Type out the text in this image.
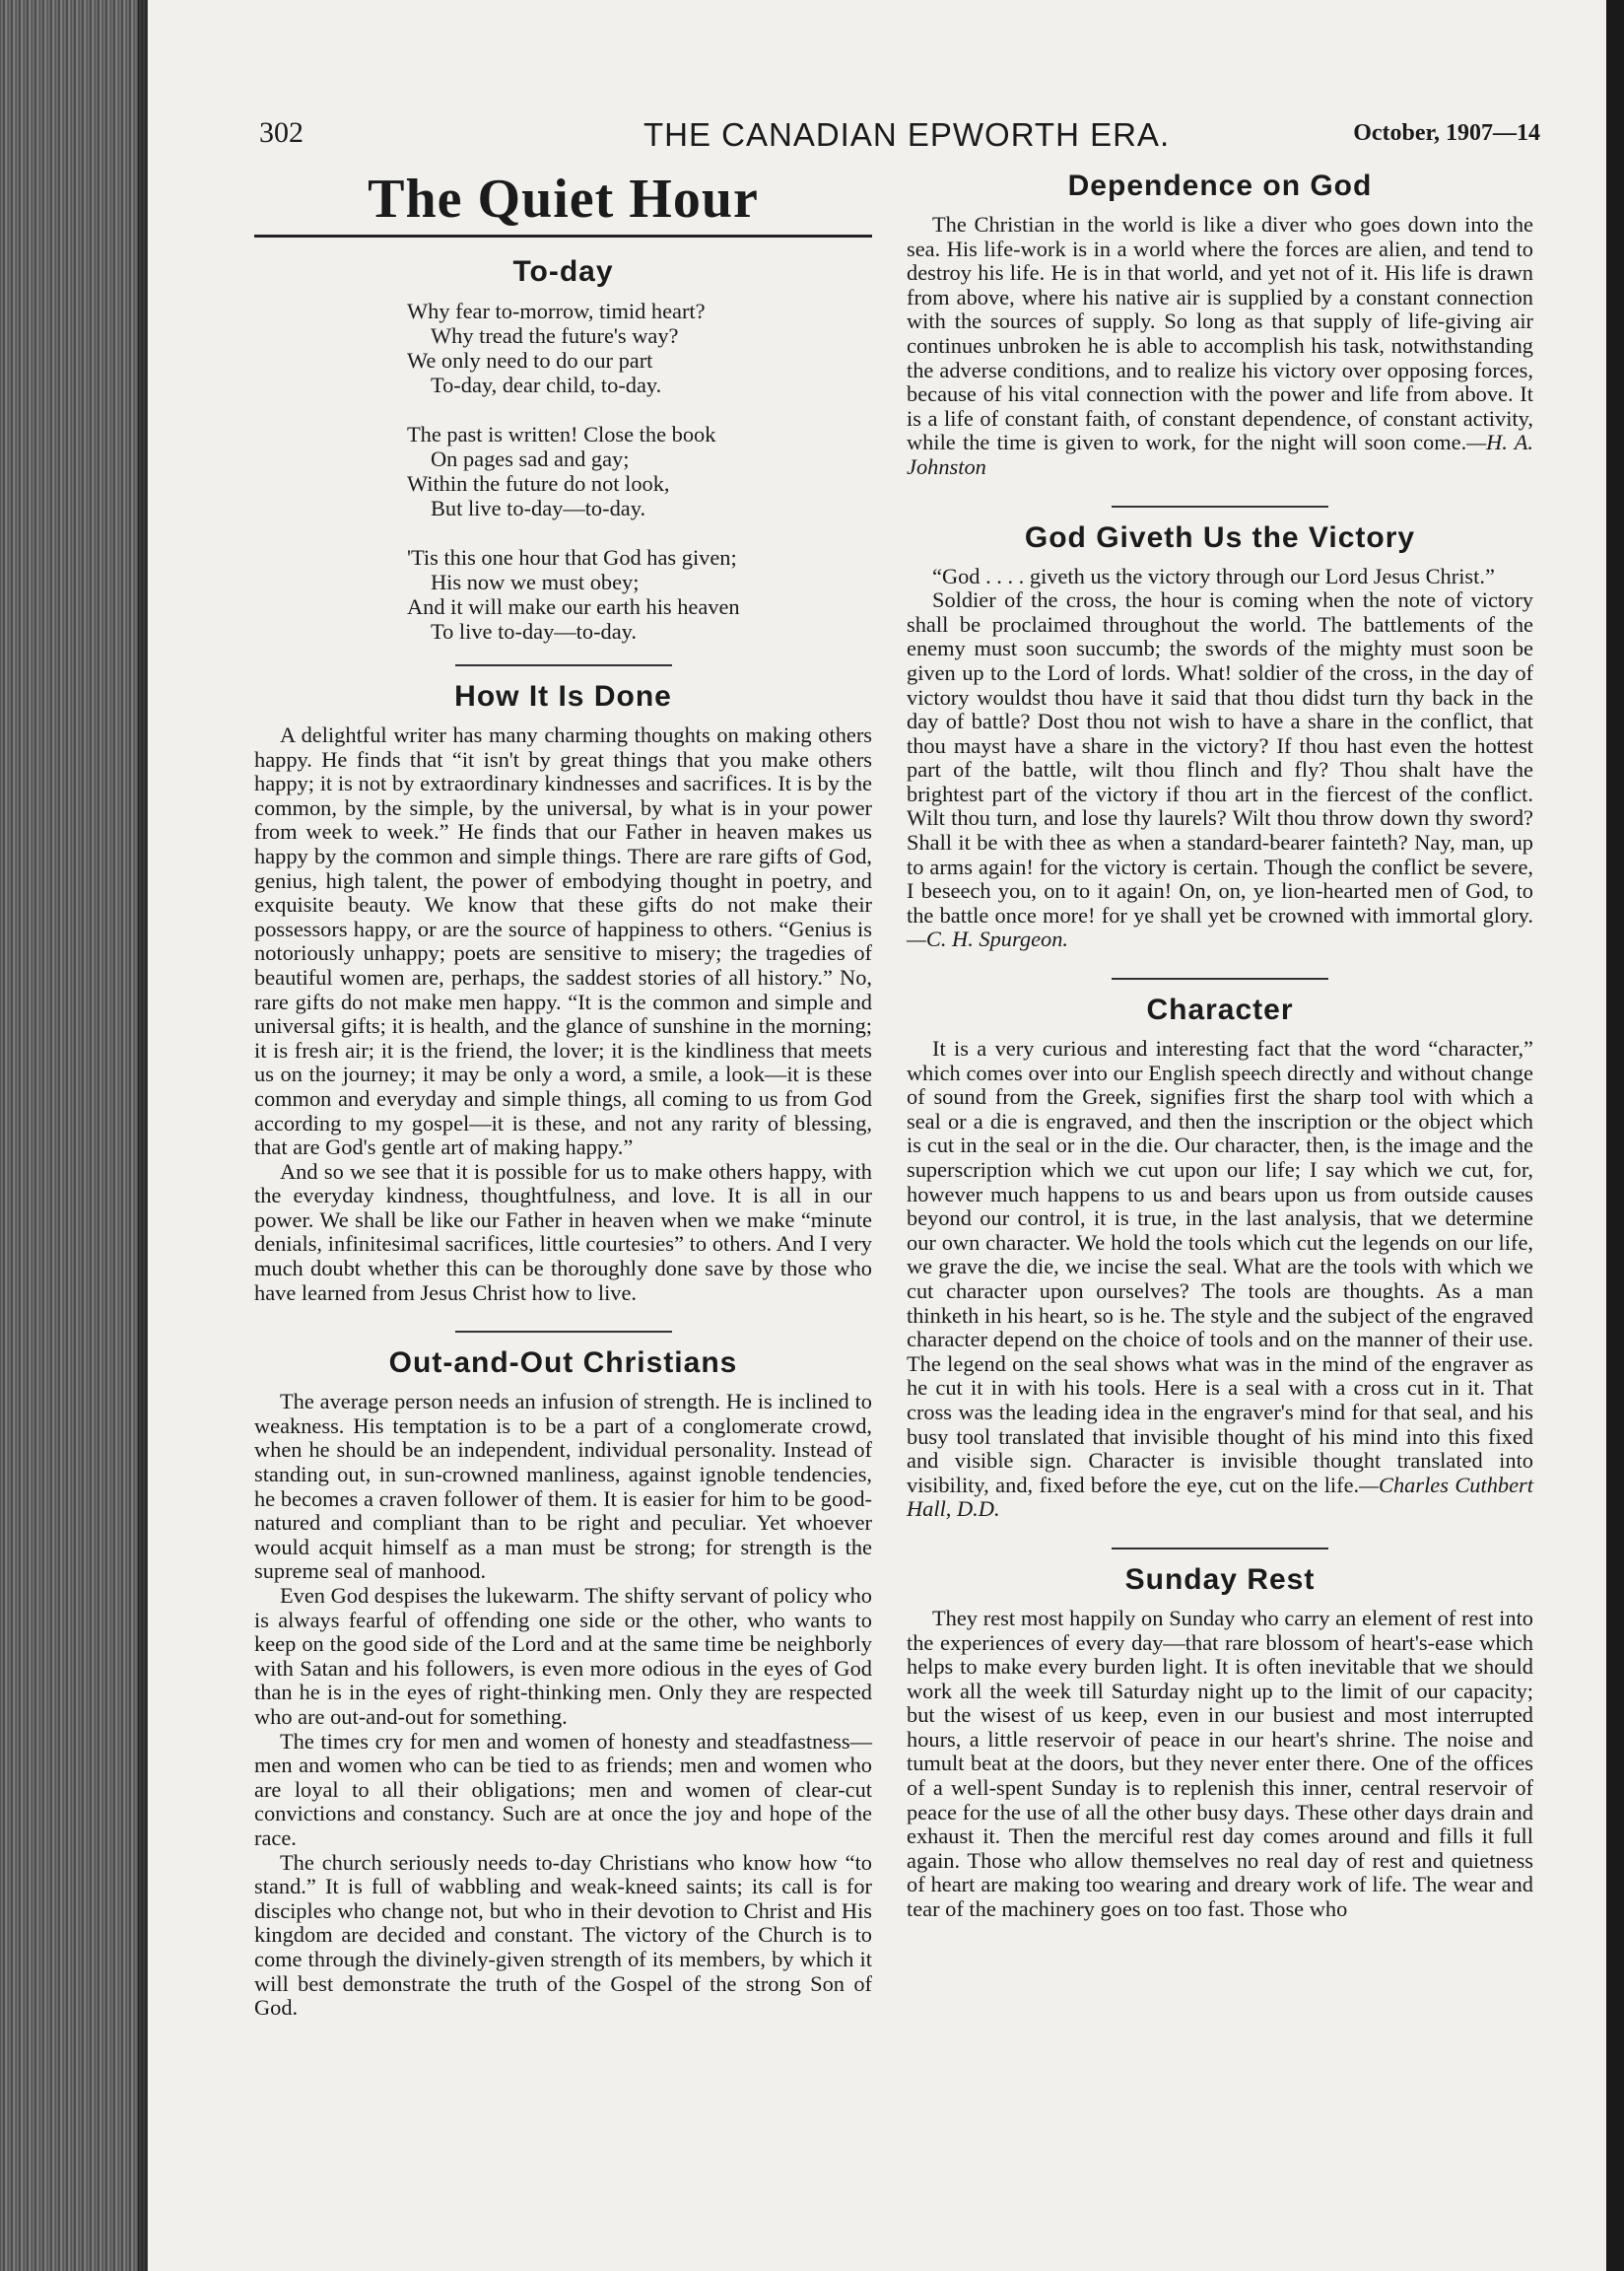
302	THE CANADIAN EPWORTH ERA.	October, 1907—14
The Quiet Hour
To-day
Why fear to-morrow, timid heart?
Why tread the future's way?
We only need to do our part
To-day, dear child, to-day.
The past is written! Close the book
On pages sad and gay;
Within the future do not look,
But live to-day—to-day.
'Tis this one hour that God has given;
His now we must obey;
And it will make our earth his heaven
To live to-day—to-day.
How It Is Done

A delightful writer has many charming thoughts on making others happy. He finds that “it isn't by great things that you make others happy; it is not by extraordinary kindnesses and sacrifices. It is by the common, by the simple, by the universal, by what is in your power from week to week.” He finds that our Father in heaven makes us happy by the common and simple things. There are rare gifts of God, genius, high talent, the power of embodying thought in poetry, and exquisite beauty. We know that these gifts do not make their possessors happy, or are the source of happiness to others. “Genius is notoriously unhappy; poets are sensitive to misery; the tragedies of beautiful women are, perhaps, the saddest stories of all history.” No, rare gifts do not make men happy. “It is the common and simple and universal gifts; it is health, and the glance of sunshine in the morning; it is fresh air; it is the friend, the lover; it is the kindliness that meets us on the journey; it may be only a word, a smile, a look—it is these common and everyday and simple things, all coming to us from God according to my gospel—it is these, and not any rarity of blessing, that are God's gentle art of making happy.”

And so we see that it is possible for us to make others happy, with the everyday kindness, thoughtfulness, and love. It is all in our power. We shall be like our Father in heaven when we make “minute denials, infinitesimal sacrifices, little courtesies” to others. And I very much doubt whether this can be thoroughly done save by those who have learned from Jesus Christ how to live.

Out-and-Out Christians

The average person needs an infusion of strength. He is inclined to weakness. His temptation is to be a part of a conglomerate crowd, when he should be an independent, individual personality. Instead of standing out, in sun-crowned manliness, against ignoble tendencies, he becomes a craven follower of them. It is easier for him to be good-natured and compliant than to be right and peculiar. Yet whoever would acquit himself as a man must be strong; for strength is the supreme seal of manhood.

Even God despises the lukewarm. The shifty servant of policy who is always fearful of offending one side or the other, who wants to keep on the good side of the Lord and at the same time be neighborly with Satan and his followers, is even more odious in the eyes of God than he is in the eyes of right-thinking men. Only they are respected who are out-and-out for something.

The times cry for men and women of honesty and steadfastness—men and women who can be tied to as friends; men and women who are loyal to all their obligations; men and women of clear-cut convictions and constancy. Such are at once the joy and hope of the race.

The church seriously needs to-day Christians who know how “to stand.” It is full of wabbling and weak-kneed saints; its call is for disciples who change not, but who in their devotion to Christ and His kingdom are decided and constant. The victory of the Church is to come through the divinely-given strength of its members, by which it will best demonstrate the truth of the Gospel of the strong Son of God.

Dependence on God

The Christian in the world is like a diver who goes down into the sea. His life-work is in a world where the forces are alien, and tend to destroy his life. He is in that world, and yet not of it. His life is drawn from above, where his native air is supplied by a constant connection with the sources of supply. So long as that supply of life-giving air continues unbroken he is able to accomplish his task, notwithstanding the adverse conditions, and to realize his victory over opposing forces, because of his vital connection with the power and life from above. It is a life of constant faith, of constant dependence, of constant activity, while the time is given to work, for the night will soon come.—H. A. Johnston

God Giveth Us the Victory

“God . . . . giveth us the victory through our Lord Jesus Christ.”

Soldier of the cross, the hour is coming when the note of victory shall be proclaimed throughout the world. The battlements of the enemy must soon succumb; the swords of the mighty must soon be given up to the Lord of lords. What! soldier of the cross, in the day of victory wouldst thou have it said that thou didst turn thy back in the day of battle? Dost thou not wish to have a share in the conflict, that thou mayst have a share in the victory? If thou hast even the hottest part of the battle, wilt thou flinch and fly? Thou shalt have the brightest part of the victory if thou art in the fiercest of the conflict. Wilt thou turn, and lose thy laurels? Wilt thou throw down thy sword? Shall it be with thee as when a standard-bearer fainteth? Nay, man, up to arms again! for the victory is certain. Though the conflict be severe, I beseech you, on to it again! On, on, ye lion-hearted men of God, to the battle once more! for ye shall yet be crowned with immortal glory.—C. H. Spurgeon.

Character

It is a very curious and interesting fact that the word “character,” which comes over into our English speech directly and without change of sound from the Greek, signifies first the sharp tool with which a seal or a die is engraved, and then the inscription or the object which is cut in the seal or in the die. Our character, then, is the image and the superscription which we cut upon our life; I say which we cut, for, however much happens to us and bears upon us from outside causes beyond our control, it is true, in the last analysis, that we determine our own character. We hold the tools which cut the legends on our life, we grave the die, we incise the seal. What are the tools with which we cut character upon ourselves? The tools are thoughts. As a man thinketh in his heart, so is he. The style and the subject of the engraved character depend on the choice of tools and on the manner of their use. The legend on the seal shows what was in the mind of the engraver as he cut it in with his tools. Here is a seal with a cross cut in it. That cross was the leading idea in the engraver's mind for that seal, and his busy tool translated that invisible thought of his mind into this fixed and visible sign. Character is invisible thought translated into visibility, and, fixed before the eye, cut on the life.—Charles Cuthbert Hall, D.D.

Sunday Rest

They rest most happily on Sunday who carry an element of rest into the experiences of every day—that rare blossom of heart's-ease which helps to make every burden light. It is often inevitable that we should work all the week till Saturday night up to the limit of our capacity; but the wisest of us keep, even in our busiest and most interrupted hours, a little reservoir of peace in our heart's shrine. The noise and tumult beat at the doors, but they never enter there. One of the offices of a well-spent Sunday is to replenish this inner, central reservoir of peace for the use of all the other busy days. These other days drain and exhaust it. Then the merciful rest day comes around and fills it full again. Those who allow themselves no real day of rest and quietness of heart are making too wearing and dreary work of life. The wear and tear of the machinery goes on too fast. Those who
